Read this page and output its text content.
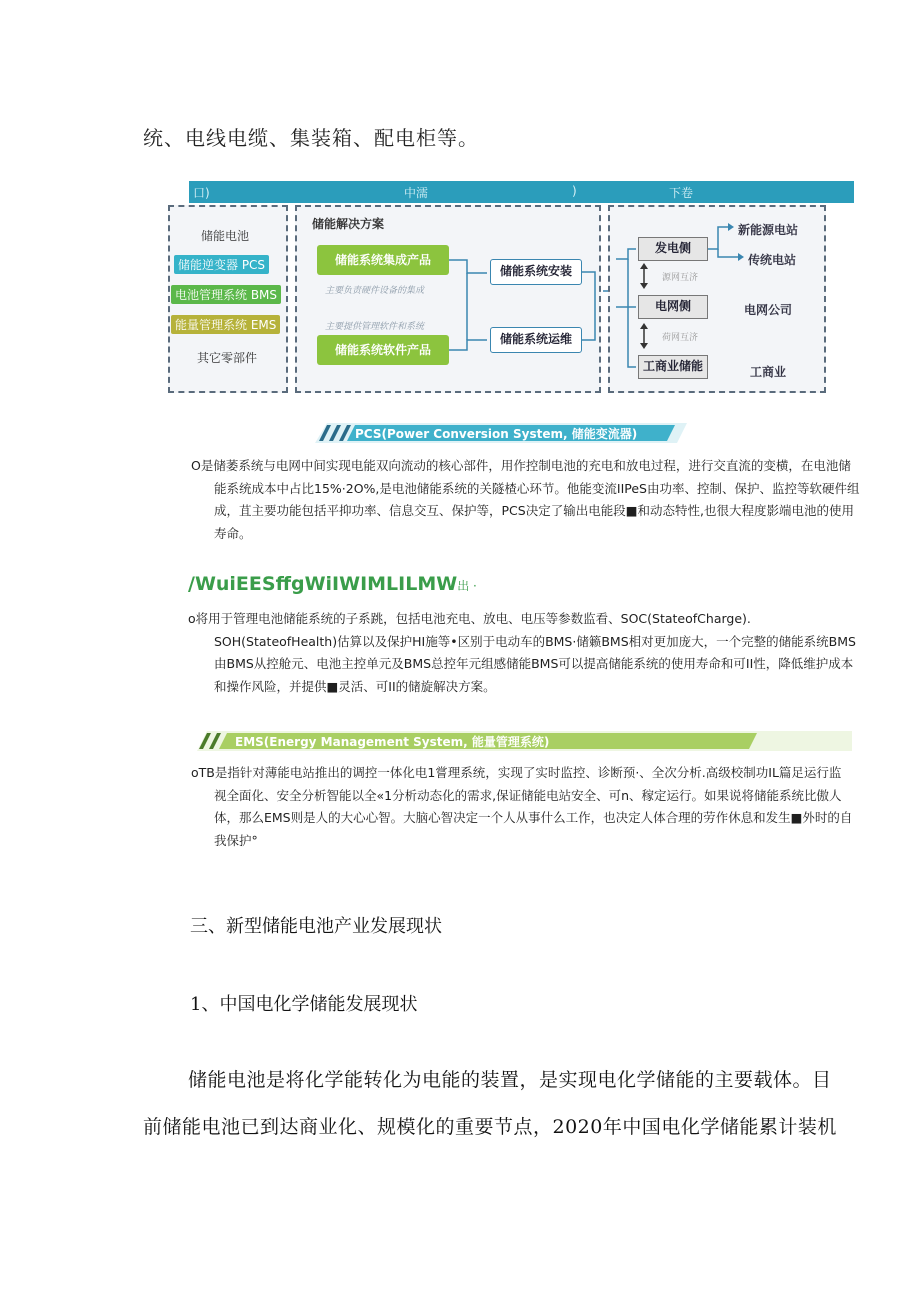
统、电线电缆、集装箱、配电柜等。
口)	中濡	)	下卷
储能电池
储能逆变器 PCS
电池管理系统 BMS
能量管理系统 EMS
其它零部件
储能解决方案
储能系统集成产品
主要负责硬件设备的集成
主要提供管理软件和系统
储能系统软件产品
储能系统安装
储能系统运维
发电侧
源网互济
电网侧
荷网互济
工商业储能
新能源电站
传统电站
电网公司
工商业
PCS(Power Conversion System, 储能变流器)
O是储萎系统与电网中间实现电能双向流动的核心部件，用作控制电池的充电和放电过程，进行交直流的变横，在电池储
能系统成本中占比15%·2O%,是电池储能系统的关隧楂心环节。他能变流IIPeS由功率、控制、保护、监控等软硬件组
成，苴主要功能包括平抑功率、信息交互、保护等，PCS决定了输出电能段■和动态特性,也很大程度影端电池的使用
寿命。
/WuiEESffgWiIWIMLILMW出 ·
o将用于管理电池储能系统的子系跳，包括电池充电、放电、电压等参数监看、SOC(StateofCharge).
SOH(StateofHealth)估算以及保护HI施等•区别于电动车的BMS·储籁BMS相对更加庞大，一个完整的储能系统BMS
由BMS从控舱元、电池主控单元及BMS总控年元组感储能BMS可以提高储能系统的使用寿命和可II性，降低维护成本
和操作风险，并提供■灵活、可II的储旋解决方案。
EMS(Energy Management System, 能量管理系统)
oTB是指针对薄能电站推出的调控一体化电1嘗理系统，实现了实时监控、诊断预·、全次分析.高级校制功IL篇足运行监
视全面化、安全分析智能以全«1分析动态化的需求,保证储能电站安全、可n、稼定运行。如果说将储能系统比傲人
体，那么EMS则是人的大心心智。大脑心智决定一个人从事什么工作，也决定人体合理的劳作休息和发生■外时的自
我保护°
三、新型储能电池产业发展现状
1、中国电化学储能发展现状
储能电池是将化学能转化为电能的装置，是实现电化学储能的主要载体。目
前储能电池已到达商业化、规模化的重要节点，2020年中国电化学储能累计装机
